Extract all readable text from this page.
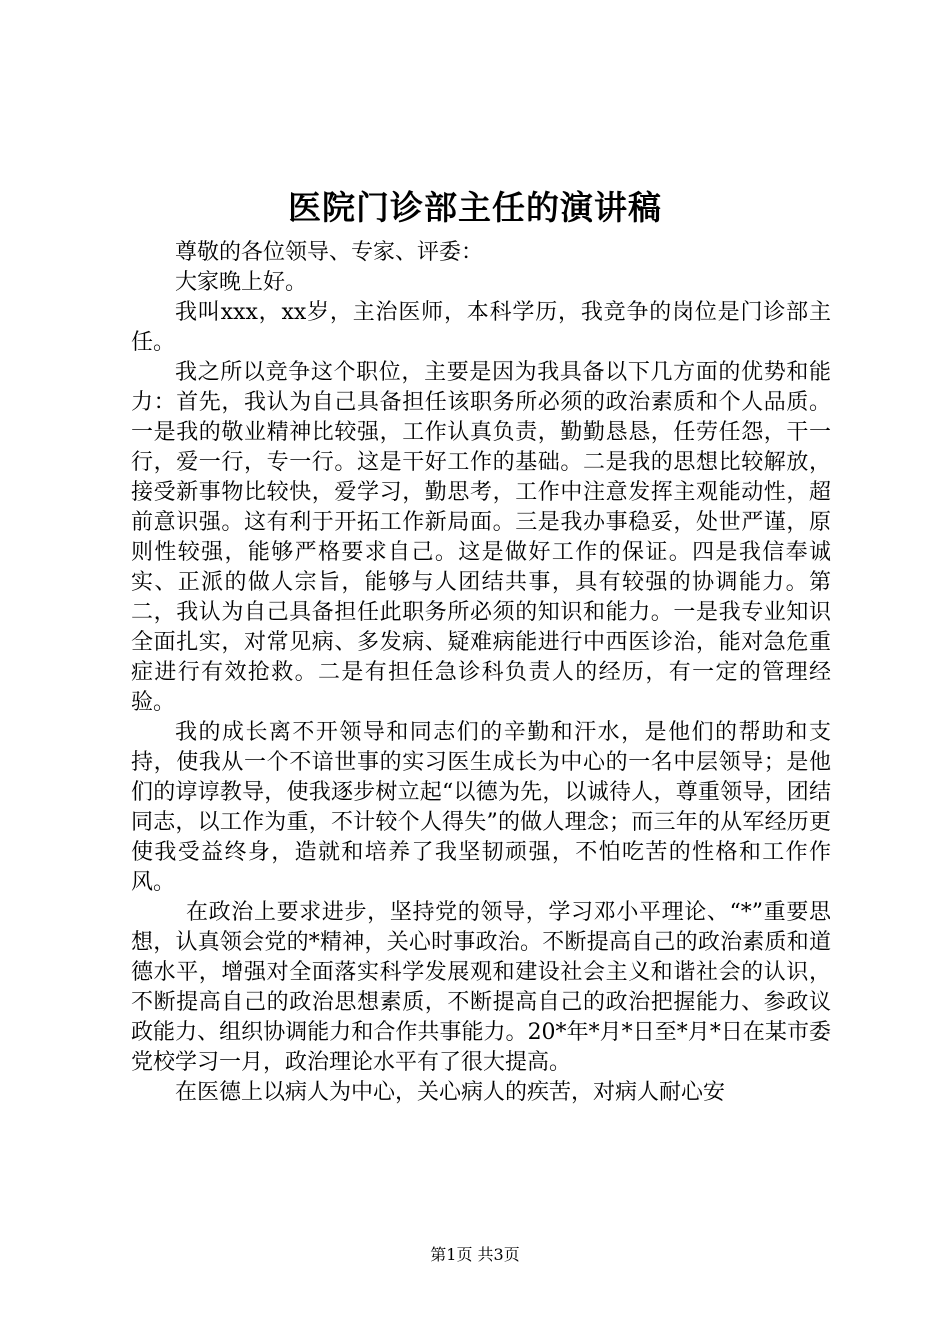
医院门诊部主任的演讲稿

尊敬的各位领导、专家、评委：

大家晚上好。

我叫xxx，xx岁，主治医师，本科学历，我竞争的岗位是门诊部主任。

我之所以竞争这个职位，主要是因为我具备以下几方面的优势和能力：首先，我认为自己具备担任该职务所必须的政治素质和个人品质。一是我的敬业精神比较强，工作认真负责，勤勤恳恳，任劳任怨，干一行，爱一行，专一行。这是干好工作的基础。二是我的思想比较解放，接受新事物比较快，爱学习，勤思考，工作中注意发挥主观能动性，超前意识强。这有利于开拓工作新局面。三是我办事稳妥，处世严谨，原则性较强，能够严格要求自己。这是做好工作的保证。四是我信奉诚实、正派的做人宗旨，能够与人团结共事，具有较强的协调能力。第二，我认为自己具备担任此职务所必须的知识和能力。一是我专业知识全面扎实，对常见病、多发病、疑难病能进行中西医诊治，能对急危重症进行有效抢救。二是有担任急诊科负责人的经历，有一定的管理经验。

我的成长离不开领导和同志们的辛勤和汗水，是他们的帮助和支持，使我从一个不谙世事的实习医生成长为中心的一名中层领导；是他们的谆谆教导，使我逐步树立起“以德为先，以诚待人，尊重领导，团结同志，以工作为重，不计较个人得失”的做人理念；而三年的从军经历更使我受益终身，造就和培养了我坚韧顽强，不怕吃苦的性格和工作作风。

在政治上要求进步，坚持党的领导，学习邓小平理论、“*”重要思想，认真领会党的*精神，关心时事政治。不断提高自己的政治素质和道德水平，增强对全面落实科学发展观和建设社会主义和谐社会的认识，不断提高自己的政治思想素质，不断提高自己的政治把握能力、参政议政能力、组织协调能力和合作共事能力。20*年*月*日至*月*日在某市委党校学习一月，政治理论水平有了很大提高。

在医德上以病人为中心，关心病人的疾苦，对病人耐心安

第1页 共3页
